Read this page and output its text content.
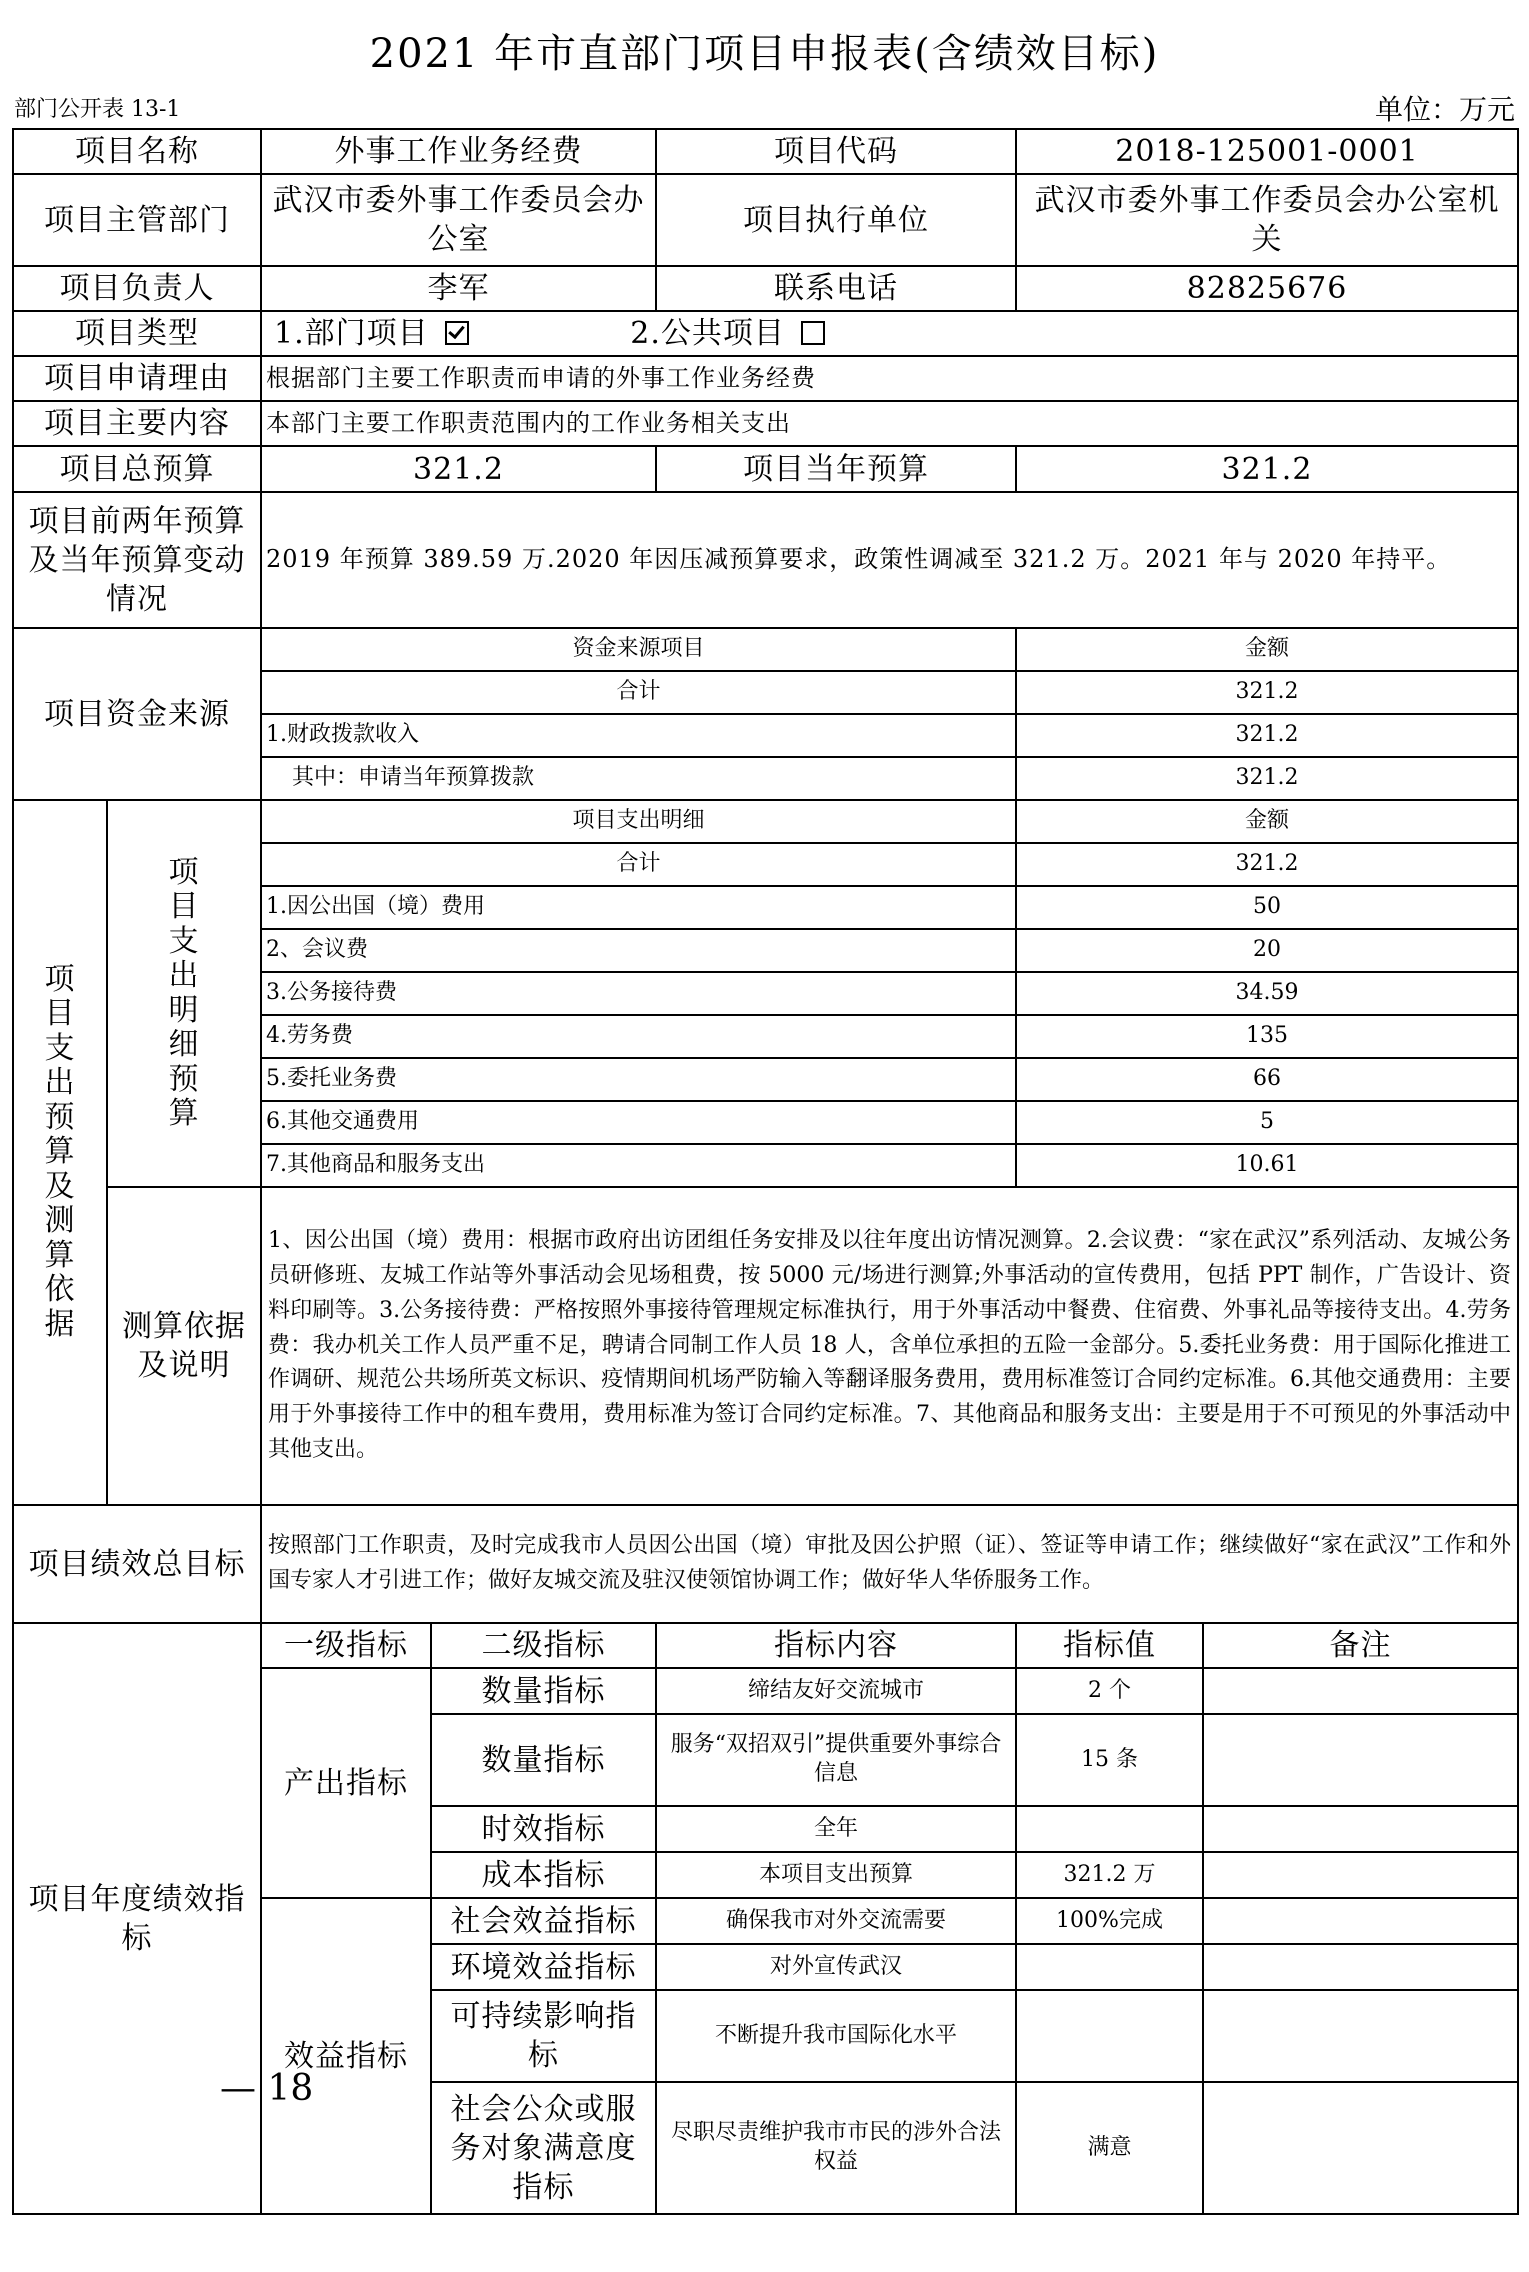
2021 年市直部门项目申报表(含绩效目标)
部门公开表 13-1	单位：万元
项目名称		外事工作业务经费		项目代码	2018-125001-0001	
项目主管部门		武汉市委外事工作委员会办公室		项目执行单位	武汉市委外事工作委员会办公室机关	
项目负责人		李军		联系电话	82825676	
项目类型		1.部门项目 2.公共项目				
项目申请理由		根据部门主要工作职责而申请的外事工作业务经费				
项目主要内容		本部门主要工作职责范围内的工作业务相关支出				
项目总预算		321.2		项目当年预算	321.2	
项目前两年预算及当年预算变动情况		2019 年预算 389.59 万.2020 年因压减预算要求，政策性调减至 321.2 万。2021 年与 2020 年持平。				
项目资金来源		资金来源项目			金额	
		合计			321.2	
		1.财政拨款收入			321.2	
		其中：申请当年预算拨款			321.2	
项目支出预算及测算依据	项目支出明细预算	项目支出明细			金额	
		合计			321.2	
		1.因公出国（境）费用			50	
		2、会议费			20	
		3.公务接待费			34.59	
		4.劳务费			135	
		5.委托业务费			66	
		6.其他交通费用			5	
		7.其他商品和服务支出			10.61	
	测算依据及说明	1、因公出国（境）费用：根据市政府出访团组任务安排及以往年度出访情况测算。2.会议费：“家在武汉”系列活动、友城公务员研修班、友城工作站等外事活动会见场租费，按 5000 元/场进行测算;外事活动的宣传费用，包括 PPT 制作，广告设计、资料印刷等。3.公务接待费：严格按照外事接待管理规定标准执行，用于外事活动中餐费、住宿费、外事礼品等接待支出。4.劳务费：我办机关工作人员严重不足，聘请合同制工作人员 18 人，含单位承担的五险一金部分。5.委托业务费：用于国际化推进工作调研、规范公共场所英文标识、疫情期间机场严防输入等翻译服务费用，费用标准签订合同约定标准。6.其他交通费用：主要用于外事接待工作中的租车费用，费用标准为签订合同约定标准。7、其他商品和服务支出：主要是用于不可预见的外事活动中其他支出。				
项目绩效总目标		按照部门工作职责，及时完成我市人员因公出国（境）审批及因公护照（证）、签证等申请工作；继续做好“家在武汉”工作和外国专家人才引进工作；做好友城交流及驻汉使领馆协调工作；做好华人华侨服务工作。				
项目年度绩效指标		一级指标	二级指标	指标内容	指标值	备注
		产出指标	数量指标	缔结友好交流城市	2 个	
			数量指标	服务“双招双引”提供重要外事综合信息	15 条	
			时效指标	全年		
			成本指标	本项目支出预算	321.2 万	
		效益指标	社会效益指标	确保我市对外交流需要	100%完成	
			环境效益指标	对外宣传武汉		
			可持续影响指标	不断提升我市国际化水平		
			社会公众或服务对象满意度指标	尽职尽责维护我市市民的涉外合法权益	满意	
— 18
